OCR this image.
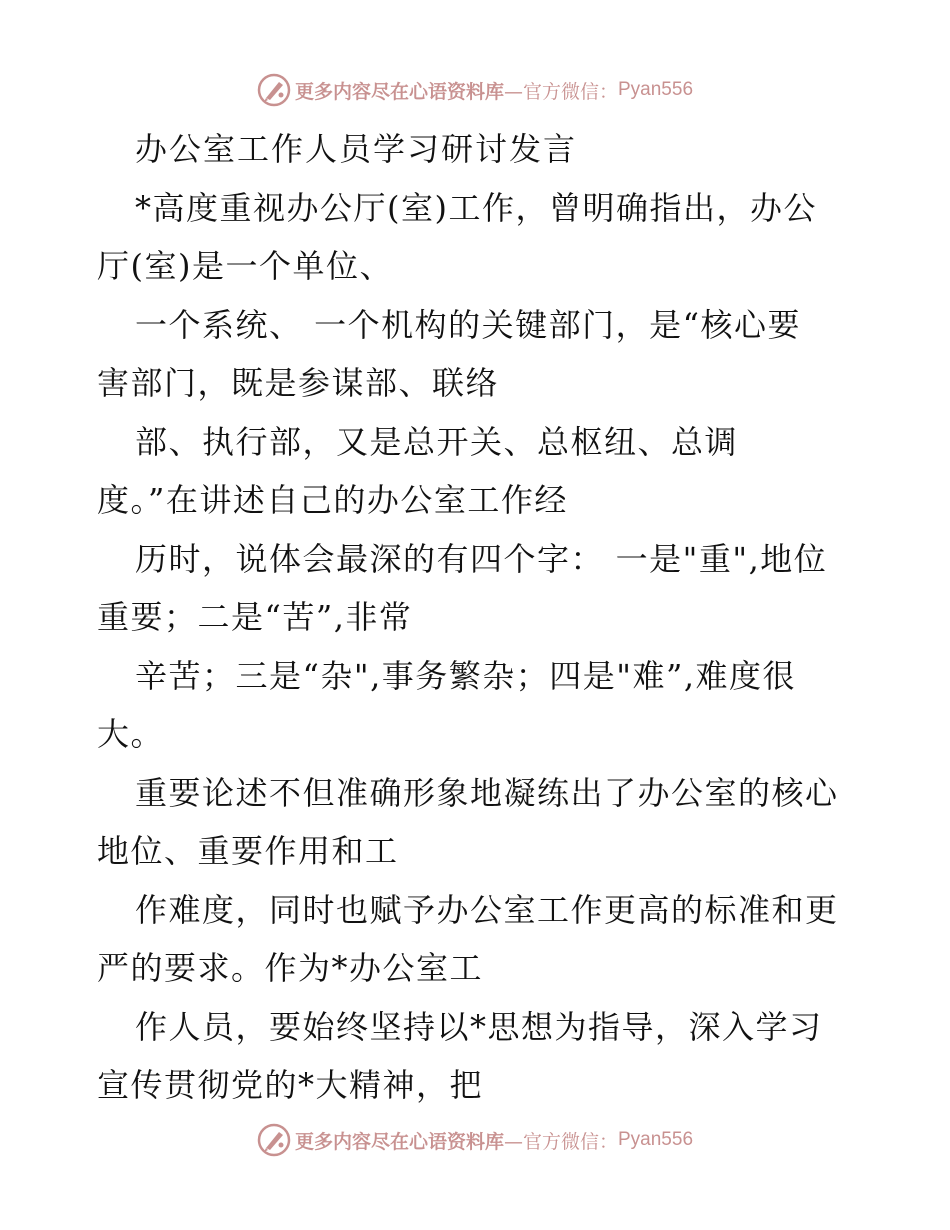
更多内容尽在心语资料库 —官方微信： Pyan556
办公室工作人员学习研讨发言
*高度重视办公厅(室)工作，曾明确指出，办公
厅(室)是一个单位、
一个系统、 一个机构的关键部门，是“核心要
害部门，既是参谋部、联络
部、执行部，又是总开关、总枢纽、总调
度。”在讲述自己的办公室工作经
历时，说体会最深的有四个字： 一是"重",地位
重要；二是“苦”,非常
辛苦；三是“杂",事务繁杂；四是"难”,难度很
大。
重要论述不但准确形象地凝练出了办公室的核心
地位、重要作用和工
作难度，同时也赋予办公室工作更高的标准和更
严的要求。作为*办公室工
作人员，要始终坚持以*思想为指导，深入学习
宣传贯彻党的*大精神，把
更多内容尽在心语资料库 —官方微信： Pyan556
